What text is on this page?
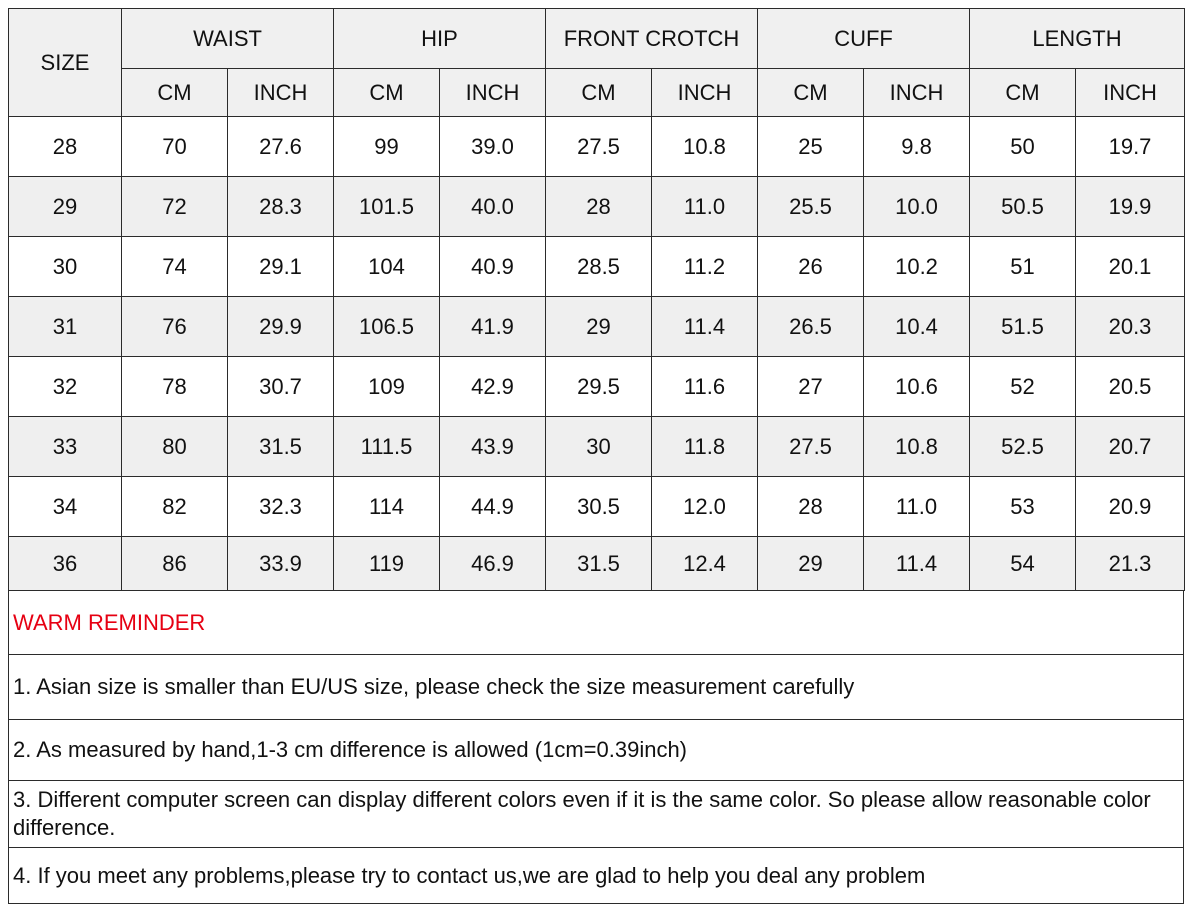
SIZE	WAIST		HIP		FRONT CROTCH		CUFF		LENGTH	
	CM	INCH	CM	INCH	CM	INCH	CM	INCH	CM	INCH
28	70	27.6	99	39.0	27.5	10.8	25	9.8	50	19.7
29	72	28.3	101.5	40.0	28	11.0	25.5	10.0	50.5	19.9
30	74	29.1	104	40.9	28.5	11.2	26	10.2	51	20.1
31	76	29.9	106.5	41.9	29	11.4	26.5	10.4	51.5	20.3
32	78	30.7	109	42.9	29.5	11.6	27	10.6	52	20.5
33	80	31.5	111.5	43.9	30	11.8	27.5	10.8	52.5	20.7
34	82	32.3	114	44.9	30.5	12.0	28	11.0	53	20.9
36	86	33.9	119	46.9	31.5	12.4	29	11.4	54	21.3
WARM REMINDER
1. Asian size is smaller than EU/US size, please check the size measurement carefully
2. As measured by hand,1-3 cm difference is allowed (1cm=0.39inch)
3. Different computer screen can display different colors even if it is the same color. So please allow reasonable color difference.
4. If you meet any problems,please try to contact us,we are glad to help you deal any problem
